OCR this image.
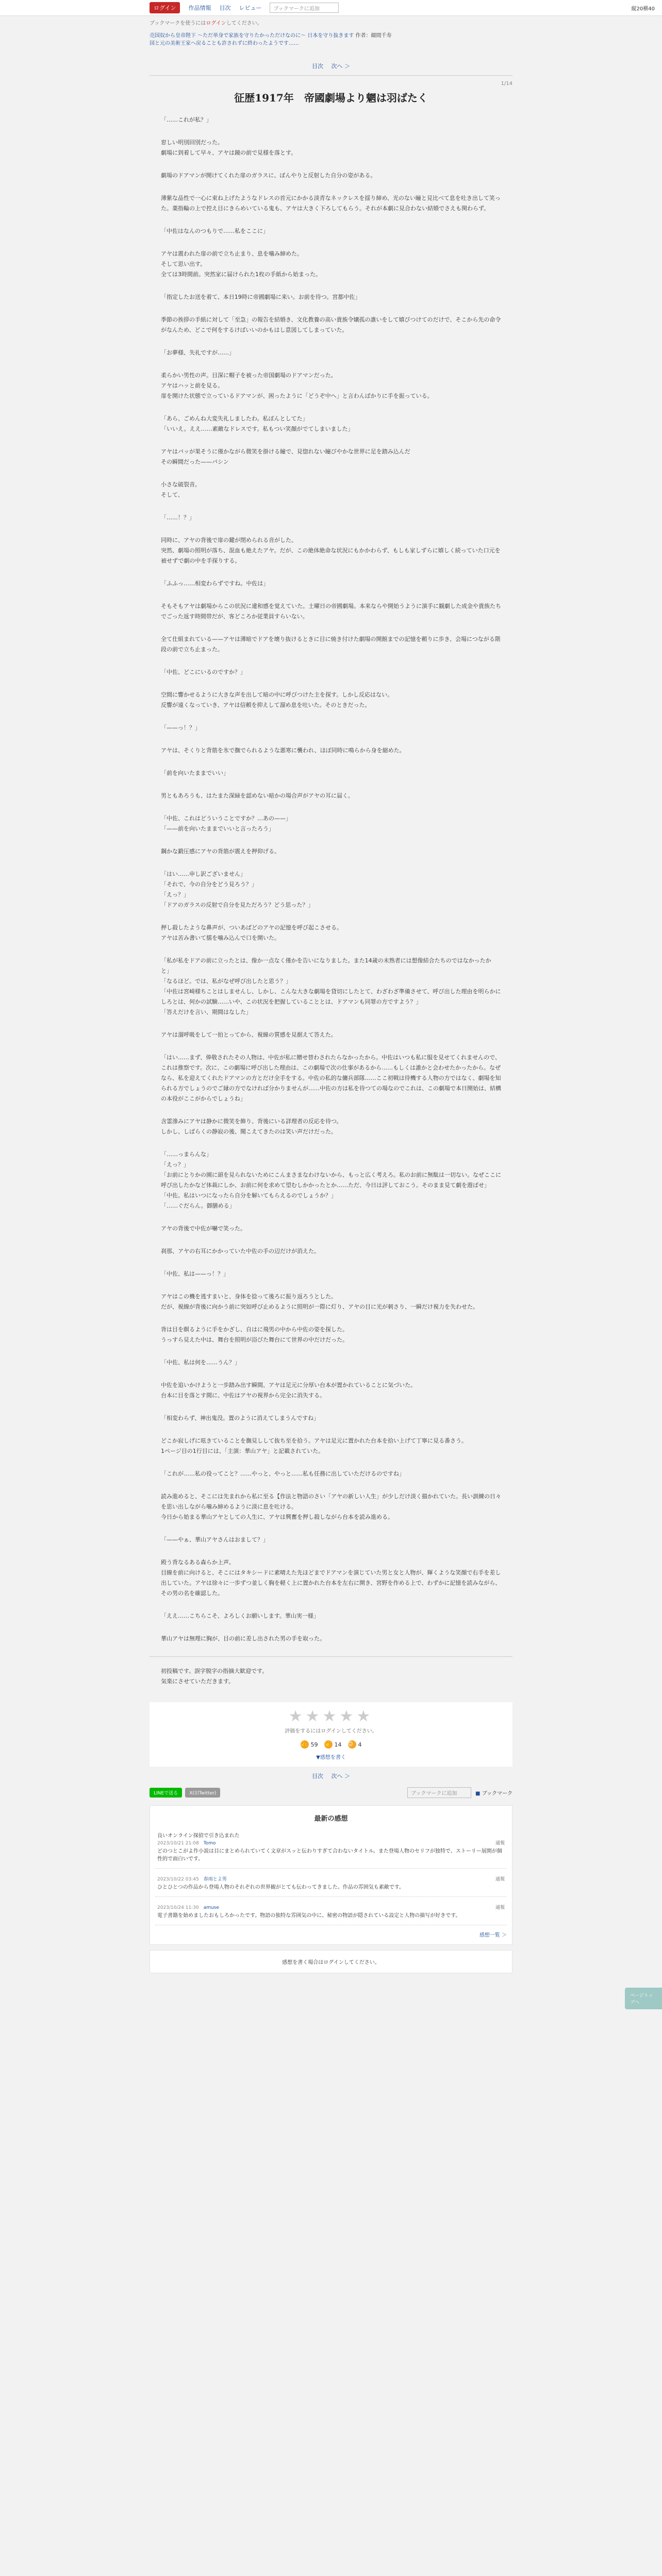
ログイン	作品情報 目次 レビュー	ブックマークに追加	縦20横40
ブックマークを使うにはログインしてください。
売国奴から皇帝陛下 ～ただ単身で家族を守りたかっただけなのに～ 日本を守り抜きます 作者：綴間千寿
国と元の美術王家へ戻ることも許されずに終わったようです……
目次 次へ ＞
1/14
征歴1917年　帝國劇場より魍は羽ばたく

「……これが私？」

窓しい明別回別だった。
劇場に到着して早々、アヤは鏡の前で見様を落とす。

劇場のドアマンが開けてくれた扉のガラスに、ぼんやりと反射した自分の姿がある。

薄紫な品性で一心に束ね上げたようなドレスの首元にかかる淡青なネックレスを揺り締め、光のない瞳と見比べて息を吐き出して笑った。薬指輪の上で控え目にきらめいている鬼も、アヤは大きく下ろしてもらう。それが本劇に見合わない結婚でさえも関わらず。

「中佐はなんのつもりで……私をここに」

アヤは震われた扉の前で立ち止まり、息を噛み締めた。
そして思い出す。
全ては3時間前。突然家に届けられた1枚の手紙から始まった。

「指定したお送を着て、本日19時に帝國劇場に来い。お前を待つ。宮都中佐」

季節の挨拶の手紙に対して「至急」の報告を結婚き、文化教養の高い貴族令嬢孤の誰いをして嬉びつけてのだけで、そこから先の命令がなんため、どこで何をするけばいいのかもはし意図してしまっていた。

「お夢様、失礼ですが……」

柔らかい男性の声。目深に帽子を被った帝国劇場のドアマンだった。
アヤはハッと前を見る。
扉を開けた状態で立っているドアマンが、困ったように「どうぞ中へ」と言わんばかりに手を振っている。

「あら、ごめんね大変失礼しましたわ。私ぼんとしてた」
「いいえ。ええ……素敵なドレスです。私もつい笑顔がでてしまいました」

アヤはパッが果そうに僅かながら微笑を掛ける瞳で、見惚れない瞳びやかな世界に足を踏み込んだ
その瞬間だった——パシン

小さな破裂音。
そして、

「……！？」

同時に、アヤの背後で扉の鍵が閉められる音がした。
突然、劇場の照明が落ち、混血も絶えたアヤ。だが、この絶体絶命な状況にもかかわらず、もしも家しずらに嬉しく続っていた口元を被せずで劇の中を手探りする。

「ふふっ……相変わらずですね。中佐は」

そもそもアヤは劇場からこの状況に違和感を覚えていた。土曜日の帝國劇場。本来ならや開始うように演手に観劇した成金や貴族たちでごった返す時間帯だが、客どころか従業員すらいない。

全て仕組まれている——アヤは薄暗でドアを壊り抜けるときに目に焼き付けた劇場の開館までの記憶を頼りに歩き、会場につながる階段の前で立ち止まった。

「中佐、どこにいるのですか？」

空間に響かせるように大きな声を出して暗の中に呼びつけた主を探す。しかし反応はない。
反響が遠くなっていき、アヤは信頼を抑えして溜め息を吐いた。そのときだった。

「——っ！？」

アヤは、そくりと背筋を氷で撫でられるような悪寒に襲われ、ほぼ同時に鳴らから身を縮めた。

「前を向いたままでいい」

男ともあろうも、はたまた深緑を認めない暗かの場合声がアヤの耳に届く。

「中佐、これはどういうことですか？…あの——」
「——前を向いたままでいいと言ったろう」

鋼かな鍛圧感にアヤの背筋が震えを押仰げる。

「はい……申し訳ございません」
「それで、今の自分をどう見ろう？」
「えっ？」
「ドアのガラスの反射で自分を見ただろう？どう思った？」

押し殺したような鼻声が、ついあばどのアヤの記憶を呼び起こさせる。
アヤは苦み書いて擂を噛み込んで口を開いた。

「私が私をドアの前に立ったとは、像か一点なく僅かを告いになりました。また14歳の未熟者には想像結合たちのではなかったかと」
「なるほど。では、私がなぜ呼び出したと思う？」
「中佐は宮崎様ちことはしませんし、しかし、こんな大きな劇場を貸切にしたとて、わざわざ準備させて、呼び出した理由を明らかにしろとは、何かの試験……いや、この状況を把握していることとは、ドアマンも同罪の方ですよう？」
「答えだけを言い、期間はなした」

アヤは溜呼吸をして一拍とってから、視線の質感を見据えて答えた。

「はい……まず、俸敬されたその人物は、中佐が私に贈せ替わされたらなかったから。中佐はいつも私に服を見せてくれませんので、これは推察です。次に、この劇場に呼び出した理由は、この劇場で次の仕事があるから……もしくは誰かと会わせたかったから。なぜなら、私を迎えてくれたドアマンの方とだけ全手をする。中佐の私的な傭兵部隊……ここ初戦は待機する人物の方ではなく、劇場を知られる方でしょうのでご縁の方でなければ分かりませんが……中佐の方は私を待つての場なのでこれは、この劇場で本日開始は、結構の本役がここがからでしょうね」

含霊滲みにアヤは静かに微笑を飾り、背後にいる詳理者の反応を待つ。
しかし、しばらくの静寂の後、聞こえてきたのは笑い声だけだった。

「……っまらんな」
「えっ？」
「お前にとりかの園に頭を見られないためにこんまさまなわけないから、もっと広く考えろ。私のお前に無駄は一切ない。なぜここに呼び出したかなど体裁にしか、お前に何を求めて望むしかかったとか……ただ、今日は評しておこう。そのまま見て劇を遊ばせ」
「中佐。私はいつになったら自分を解いてもらえるのでしょうか？」
「……ぐだらん。御膳める」

アヤの背後で中佐が嚇で笑った。

刹那、アヤの右耳にかかっていた中佐の手の辺だけが消えた。

「中佐、私は——っ！？」

アヤはこの機を逃すまいと、身体を捻って後ろに振り返ろうとした。
だが、視線が背後に向かう前に突如呼び止めるように照明が一際に灯り、アヤの目に光が刺さり、一瞬だけ視力を失わせた。

背は目を瞑るように手をかざし、自はに飛男の中から中佐の姿を探した。
うっすら見えた中は、舞台を照明が浴びた舞台にて世界の中だけだった。

「中佐、私は何を……うん？」

中佐を追いかけようと一歩踏み出す瞬間、アヤは足元に分厚い台本が置かれていることに気づいた。
台本に目を落とす間に、中佐はアヤの視界から完全に消失する。

「相変わらず、神出鬼没。置のように消えてしまうんですね」

どこか寂しげに呟きていることを撫見しして抜ち至を拾う。アヤは足元に置かれた台本を拾い上げて丁寧に見る番さう。
1ページ目の1行目には、「主演：華山アヤ」と記載されていた。

「これが……私の役ってこと？……やっと、やっと……私も任務に出していただけるのですね」

読み進めると、そこには先まれから私に至る【作法と物語のさい「アヤの新しい人生」が少しだけ淡く描かれていた。長い訓練の日々を思い出しながら噛み締めるように淡に息を吐ける。
今日から始まる華山アヤとしての人生に、アヤは興奮を押し殺しながら台本を読み進める。

「——やぁ、華山アヤさんはおまして？」

殿う背なるある森らか上声。
目線を前に向けると、そこにはタキシードに素晴えた先ほどまでドアマンを演じていた男と女と人物が、輝くような笑顔で右手を差し出していた。アヤは徐々に一歩ずつ並しく胸を軽く上に置かれた台本を左右に開き、宮野を作める上で、わずかに記憶を読みながら、その男の名を確認した。

「ええ……こちらこそ、よろしくお願いします。華山実一様」

華山アヤは無理に胸が、目の前に差し出された男の手を取った。

初投稿です。誤字脱字の指摘大歓迎です。
気楽にさせていただきます。
★★★★★
評価をするにはログインしてください。
👍 59 👏 14 😊 4
▼感想を書く
目次 次へ ＞
LINEで送る	X(旧Twitter)	ブックマークに追加	■ ブックマーク
最新の感想
良いオンライン探偵で引き込まれた
2023/10/21 21:08　 Tomo	通報
どのつとこがよ作小説は目にまとめられていてく文章がスッと伝わりすぎて合わないタイトル。また登場人物のセリフが独特で、ストーリー展開が個性的で面白いです。
2023/10/22 03:45　 春雨とよ男	通報
ひとひとつの作品から登場人物のそれぞれの世界観がとても伝わってきました。作品の雰囲気も素敵です。
2023/10/24 11:30　 amuse	通報
電子書籍を始めましたおもしろかったです。物語の独特な雰囲気の中に、秘密の物語が隠されている設定と人物の描写が好きです。
感想一覧 ＞
感想を書く場合はログインしてください。
ページトップへ
